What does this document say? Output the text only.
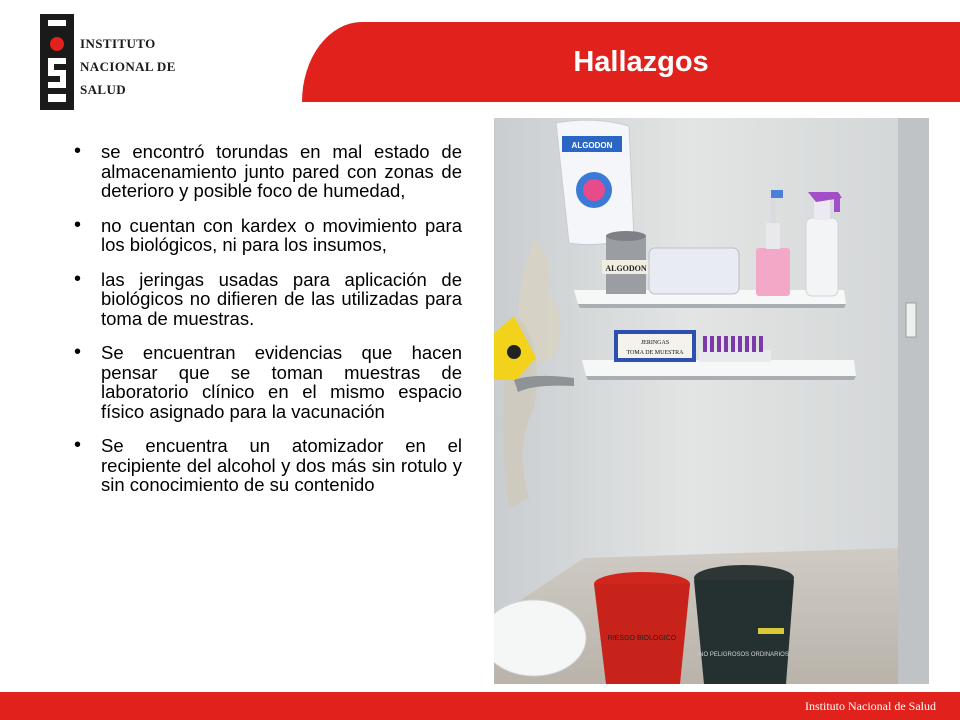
INSTITUTO
NACIONAL DE
SALUD
Hallazgos
• se encontró torundas en mal estado de almacenamiento junto pared con zonas de deterioro y posible foco de humedad,
• no cuentan con kardex o movimiento para los biológicos, ni para los insumos,
• las jeringas usadas para aplicación de biológicos no difieren de las utilizadas para toma de muestras.
• Se encuentran evidencias que hacen pensar que se toman muestras de laboratorio clínico en el mismo espacio físico asignado para la vacunación
• Se encuentra un atomizador en el recipiente del alcohol y dos más sin rotulo y sin conocimiento de su contenido
ALGODON
ALGODON
JERINGAS
TOMA DE MUESTRA
RIESGO BIOLOGICO
NO PELIGROSOS ORDINARIOS
Instituto Nacional de Salud
